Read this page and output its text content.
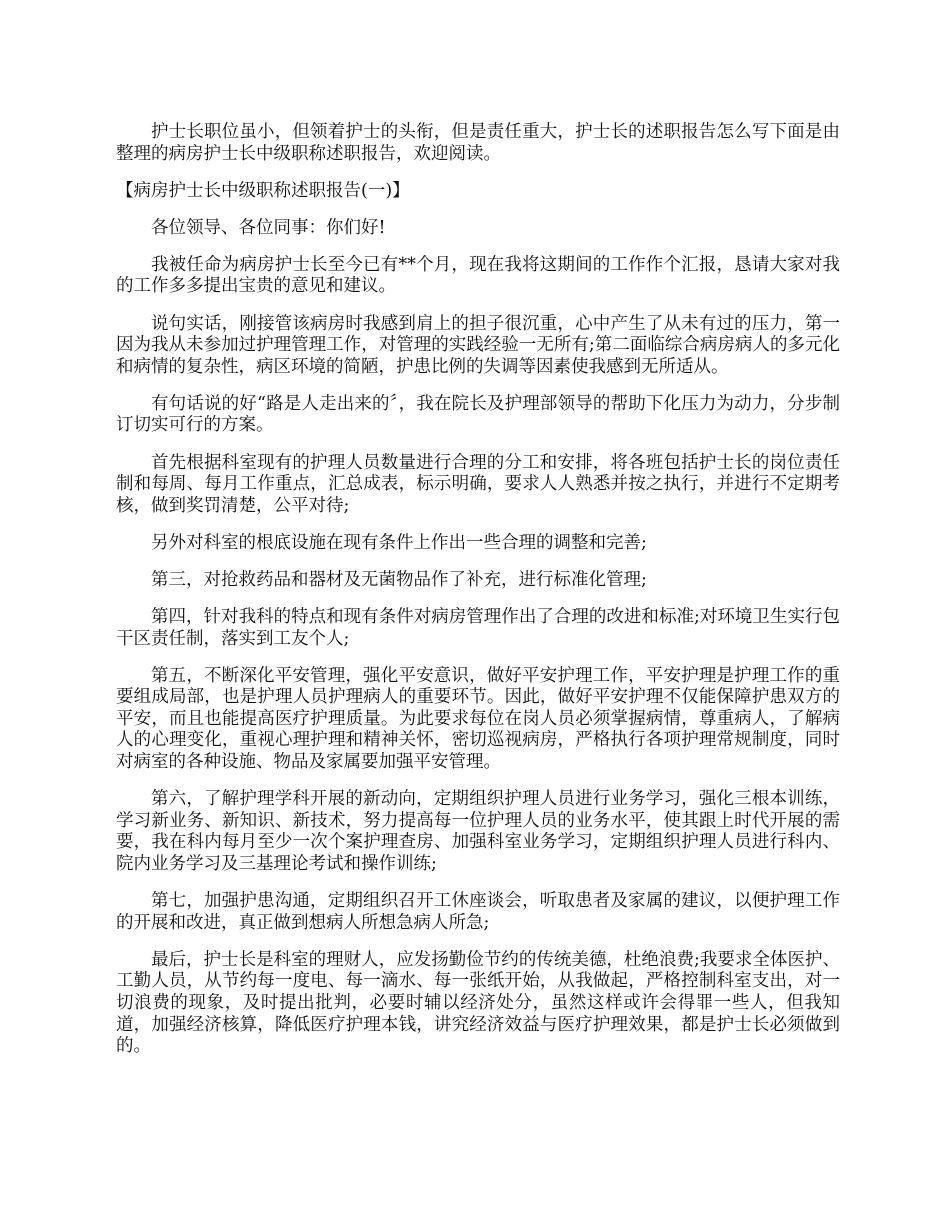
护士长职位虽小，但领着护士的头衔，但是责任重大，护士长的述职报告怎么写下面是由整理的病房护士长中级职称述职报告，欢迎阅读。

【病房护士长中级职称述职报告(一)】

各位领导、各位同事：你们好!

我被任命为病房护士长至今已有**个月，现在我将这期间的工作作个汇报，恳请大家对我的工作多多提出宝贵的意见和建议。

说句实话，刚接管该病房时我感到肩上的担子很沉重，心中产生了从未有过的压力，第一因为我从未参加过护理管理工作，对管理的实践经验一无所有;第二面临综合病房病人的多元化和病情的复杂性，病区环境的简陋，护患比例的失调等因素使我感到无所适从。

有句话说的好“路是人走出来的〞，我在院长及护理部领导的帮助下化压力为动力，分步制订切实可行的方案。

首先根据科室现有的护理人员数量进行合理的分工和安排，将各班包括护士长的岗位责任制和每周、每月工作重点，汇总成表，标示明确，要求人人熟悉并按之执行，并进行不定期考核，做到奖罚清楚，公平对待;

另外对科室的根底设施在现有条件上作出一些合理的调整和完善;

第三，对抢救药品和器材及无菌物品作了补充，进行标准化管理;

第四，针对我科的特点和现有条件对病房管理作出了合理的改进和标准;对环境卫生实行包干区责任制，落实到工友个人;

第五，不断深化平安管理，强化平安意识，做好平安护理工作，平安护理是护理工作的重要组成局部，也是护理人员护理病人的重要环节。因此，做好平安护理不仅能保障护患双方的平安，而且也能提高医疗护理质量。为此要求每位在岗人员必须掌握病情，尊重病人，了解病人的心理变化，重视心理护理和精神关怀，密切巡视病房，严格执行各项护理常规制度，同时对病室的各种设施、物品及家属要加强平安管理。

第六，了解护理学科开展的新动向，定期组织护理人员进行业务学习，强化三根本训练，学习新业务、新知识、新技术，努力提高每一位护理人员的业务水平，使其跟上时代开展的需要，我在科内每月至少一次个案护理查房、加强科室业务学习，定期组织护理人员进行科内、院内业务学习及三基理论考试和操作训练;

第七，加强护患沟通，定期组织召开工休座谈会，听取患者及家属的建议，以便护理工作的开展和改进，真正做到想病人所想急病人所急;

最后，护士长是科室的理财人，应发扬勤俭节约的传统美德，杜绝浪费;我要求全体医护、工勤人员，从节约每一度电、每一滴水、每一张纸开始，从我做起，严格控制科室支出，对一切浪费的现象，及时提出批判，必要时辅以经济处分，虽然这样或许会得罪一些人，但我知道，加强经济核算，降低医疗护理本钱，讲究经济效益与医疗护理效果，都是护士长必须做到的。
